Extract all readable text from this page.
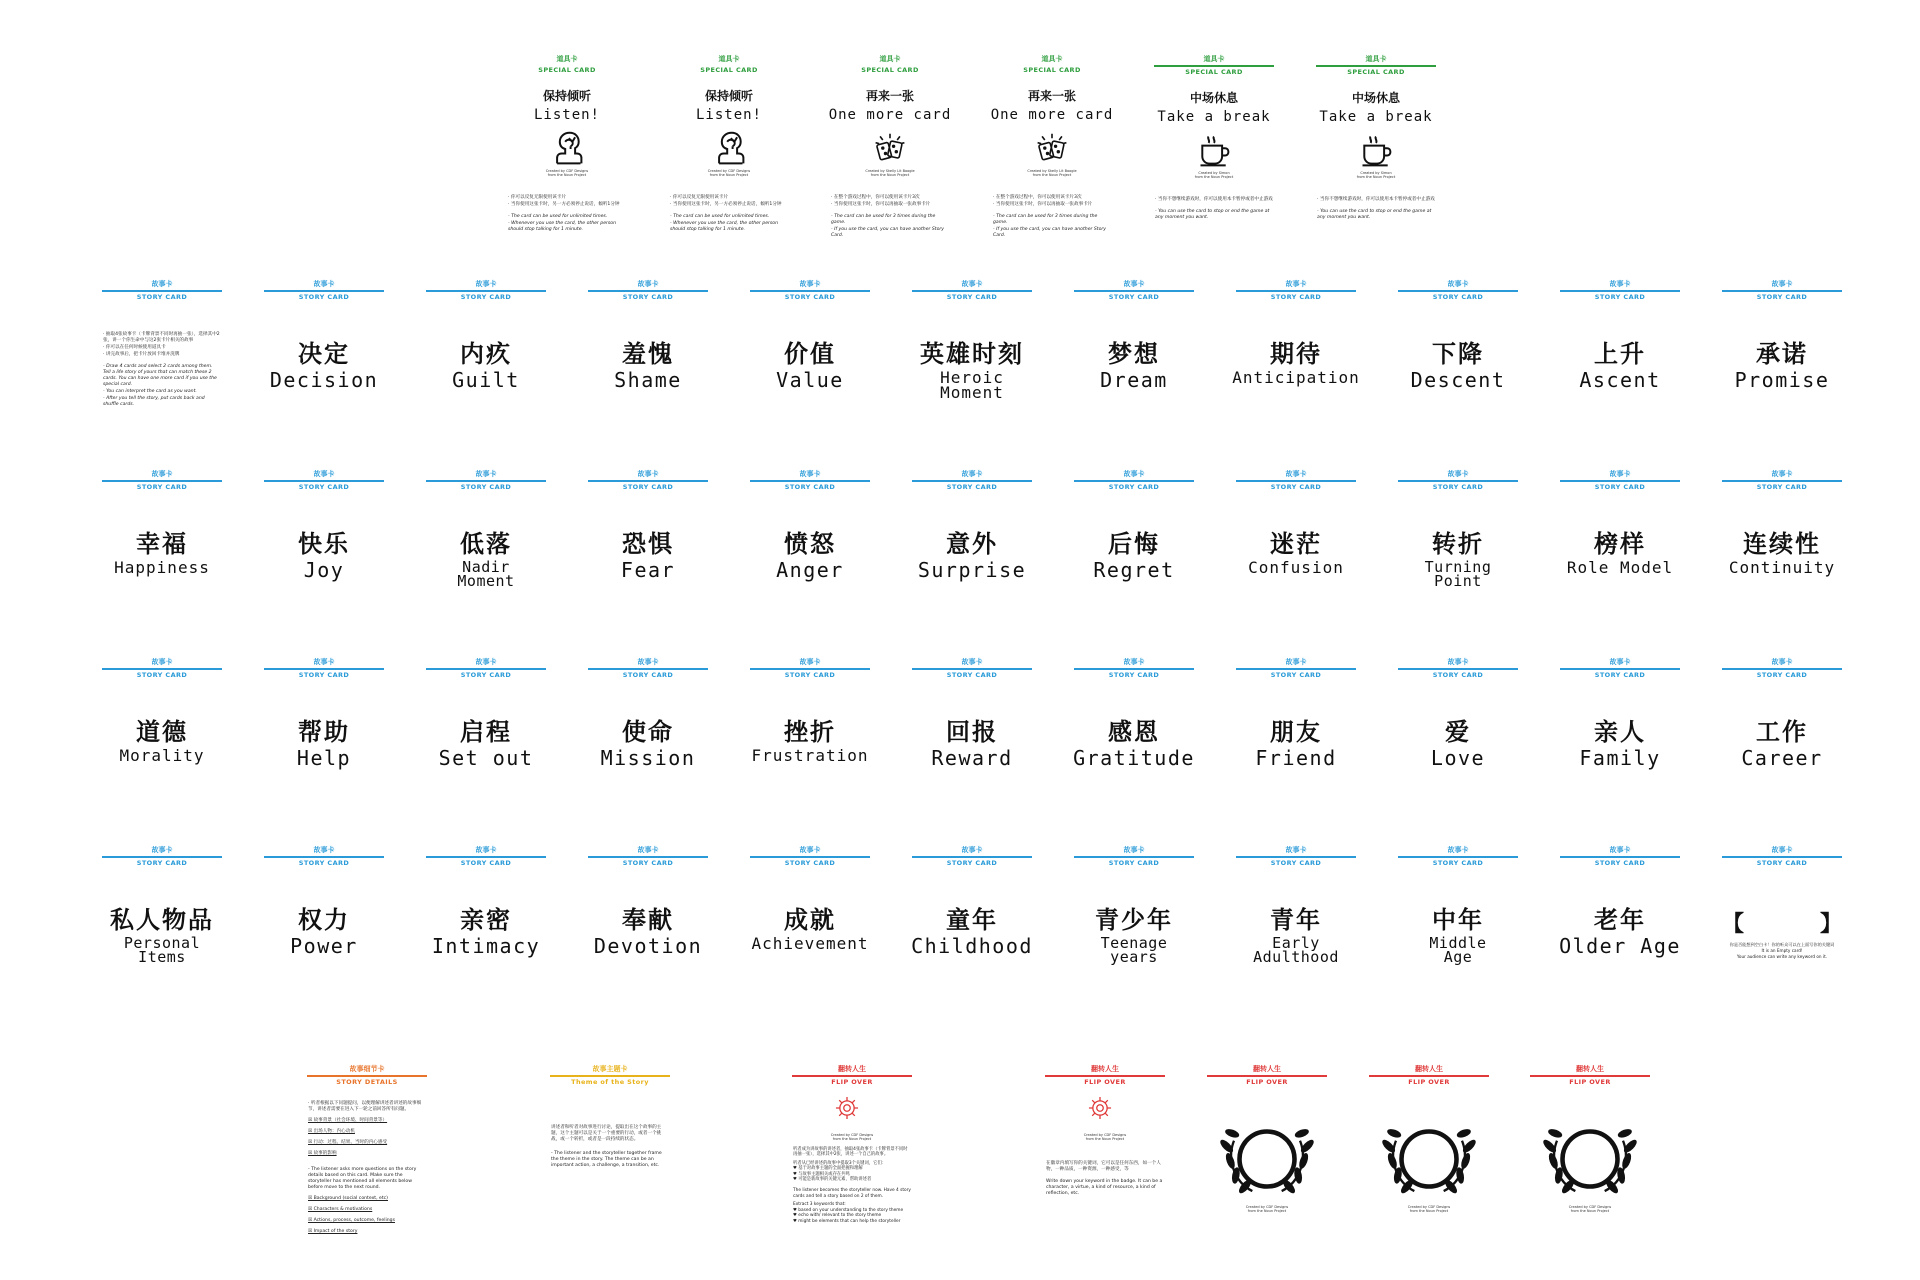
道具卡
SPECIAL CARD
保持倾听
Listen!
Created by CDF Designs
from the Noun Project
· 你可以反复无限使用该卡片
· 当你使用这张卡时，另一方必须停止说话，倾听1分钟
- The card can be used for unlimited times.
- Whenever you use the card, the other person should stop talking for 1 minute.
道具卡
SPECIAL CARD
保持倾听
Listen!
Created by CDF Designs
from the Noun Project
· 你可以反复无限使用该卡片
· 当你使用这张卡时，另一方必须停止说话，倾听1分钟
- The card can be used for unlimited times.
- Whenever you use the card, the other person should stop talking for 1 minute.
道具卡
SPECIAL CARD
再来一张
One more card
Created by Skelly Lit Boogie
from the Noun Project
· 在整个游戏过程中，你可以使用该卡片3次
· 当你使用这张卡时，你可以再抽取一张故事卡片
- The card can be used for 3 times during the game.
- If you use the card, you can have another Story Card.
道具卡
SPECIAL CARD
再来一张
One more card
Created by Skelly Lit Boogie
from the Noun Project
· 在整个游戏过程中，你可以使用该卡片3次
· 当你使用这张卡时，你可以再抽取一张故事卡片
- The card can be used for 3 times during the game.
- If you use the card, you can have another Story Card.
道具卡
SPECIAL CARD
中场休息
Take a break
Created by Simon
from the Noun Project
· 当你不想继续游戏时，你可以使用本卡暂停或者中止游戏
- You can use the card to stop or end the game at any moment you want.
道具卡
SPECIAL CARD
中场休息
Take a break
Created by Simon
from the Noun Project
· 当你不想继续游戏时，你可以使用本卡暂停或者中止游戏
- You can use the card to stop or end the game at any moment you want.
故事卡
STORY CARD
· 抽取4张故事卡（卡牌背景不同时再抽一张），选择其中2张，讲一个你生命中与这2张卡片相关的故事
· 你可以在任何时候使用道具卡
· 讲完故事后，把卡片放回卡堆并洗牌
- Draw 4 cards and select 2 cards among them. Tell a life story of yours that can match these 2 cards. You can have one more card if you use the special card.
- You can interpret the card as you want.
- After you tell the story, put cards back and shuffle cards.
故事卡
STORY CARD
决定
Decision
故事卡
STORY CARD
内疚
Guilt
故事卡
STORY CARD
羞愧
Shame
故事卡
STORY CARD
价值
Value
故事卡
STORY CARD
英雄时刻
Heroic
Moment
故事卡
STORY CARD
梦想
Dream
故事卡
STORY CARD
期待
Anticipation
故事卡
STORY CARD
下降
Descent
故事卡
STORY CARD
上升
Ascent
故事卡
STORY CARD
承诺
Promise
故事卡
STORY CARD
幸福
Happiness
故事卡
STORY CARD
快乐
Joy
故事卡
STORY CARD
低落
Nadir
Moment
故事卡
STORY CARD
恐惧
Fear
故事卡
STORY CARD
愤怒
Anger
故事卡
STORY CARD
意外
Surprise
故事卡
STORY CARD
后悔
Regret
故事卡
STORY CARD
迷茫
Confusion
故事卡
STORY CARD
转折
Turning
Point
故事卡
STORY CARD
榜样
Role Model
故事卡
STORY CARD
连续性
Continuity
故事卡
STORY CARD
道德
Morality
故事卡
STORY CARD
帮助
Help
故事卡
STORY CARD
启程
Set out
故事卡
STORY CARD
使命
Mission
故事卡
STORY CARD
挫折
Frustration
故事卡
STORY CARD
回报
Reward
故事卡
STORY CARD
感恩
Gratitude
故事卡
STORY CARD
朋友
Friend
故事卡
STORY CARD
爱
Love
故事卡
STORY CARD
亲人
Family
故事卡
STORY CARD
工作
Career
故事卡
STORY CARD
私人物品
Personal
Items
故事卡
STORY CARD
权力
Power
故事卡
STORY CARD
亲密
Intimacy
故事卡
STORY CARD
奉献
Devotion
故事卡
STORY CARD
成就
Achievement
故事卡
STORY CARD
童年
Childhood
故事卡
STORY CARD
青少年
Teenage
years
故事卡
STORY CARD
青年
Early
Adulthood
故事卡
STORY CARD
中年
Middle
Age
故事卡
STORY CARD
老年
Older Age
故事卡
STORY CARD
【	】
你是否能想到空白卡！你的听众可以在上面写你的关键词
It is an Empty card!
Your audience can write any keyword on it.
故事细节卡
STORY DETAILS
· 听者根据以下问题提问，以便理解讲述者讲述的故事细节，讲述者需要在进入下一轮之前回答所有问题。
☒ 故事背景（社会环境、时间背景等）
☒ 出场人物：内心动机
☒ 行动：过程、结果、当时的内心感受
☒ 故事的影响
- The listener asks more questions on the story details based on this card. Make sure the storyteller has mentioned all elements below before move to the next round.
☒ Background (social context, etc)
☒ Characters & motivations
☒ Actions, process, outcome, feelings
☒ Impact of the story
故事主题卡
Theme of the Story
讲述者和听者对故事进行讨论，提取出在这个故事的主题，这个主题可以是关于一个重要的行动，或者一个挑战，或一个转折，或者是一段持续的状态。
- The listener and the storyteller together frame the theme in the story. The theme can be an important action, a challenge, a transition, etc.
翻转人生
FLIP OVER
Created by CDF Designs
from the Noun Project
听者成为讲故事的讲述者，抽取4张故事卡（卡牌背景不同时再抽一张），选择其中2张，讲述一个自己的故事。
听者从已经讲述的故事中提取3个关键词，它们：
♥ 基于对故事主题的全面把握和理解
♥ 与故事主题相关或存在共鸣
♥ 可能是新故事的关键元素，帮助讲述者
The listener becomes the storyteller now. Have 4 story cards and tell a story based on 2 of them.
Extract 3 keywords that:
♥ based on your understanding to the story theme
♥ echo with/ relevant to the story theme
♥ might be elements that can help the storyteller
翻转人生
FLIP OVER
Created by CDF Designs
from the Noun Project
在徽章内填写你的关键词，它可以是任何东西，如一个人物，一种品质，一种资源，一种感受，等
Write down your keyword in the badge. It can be a character, a virtue, a kind of resource, a kind of reflection, etc.
翻转人生
FLIP OVER
Created by CDF Designs
from the Noun Project
翻转人生
FLIP OVER
Created by CDF Designs
from the Noun Project
翻转人生
FLIP OVER
Created by CDF Designs
from the Noun Project
